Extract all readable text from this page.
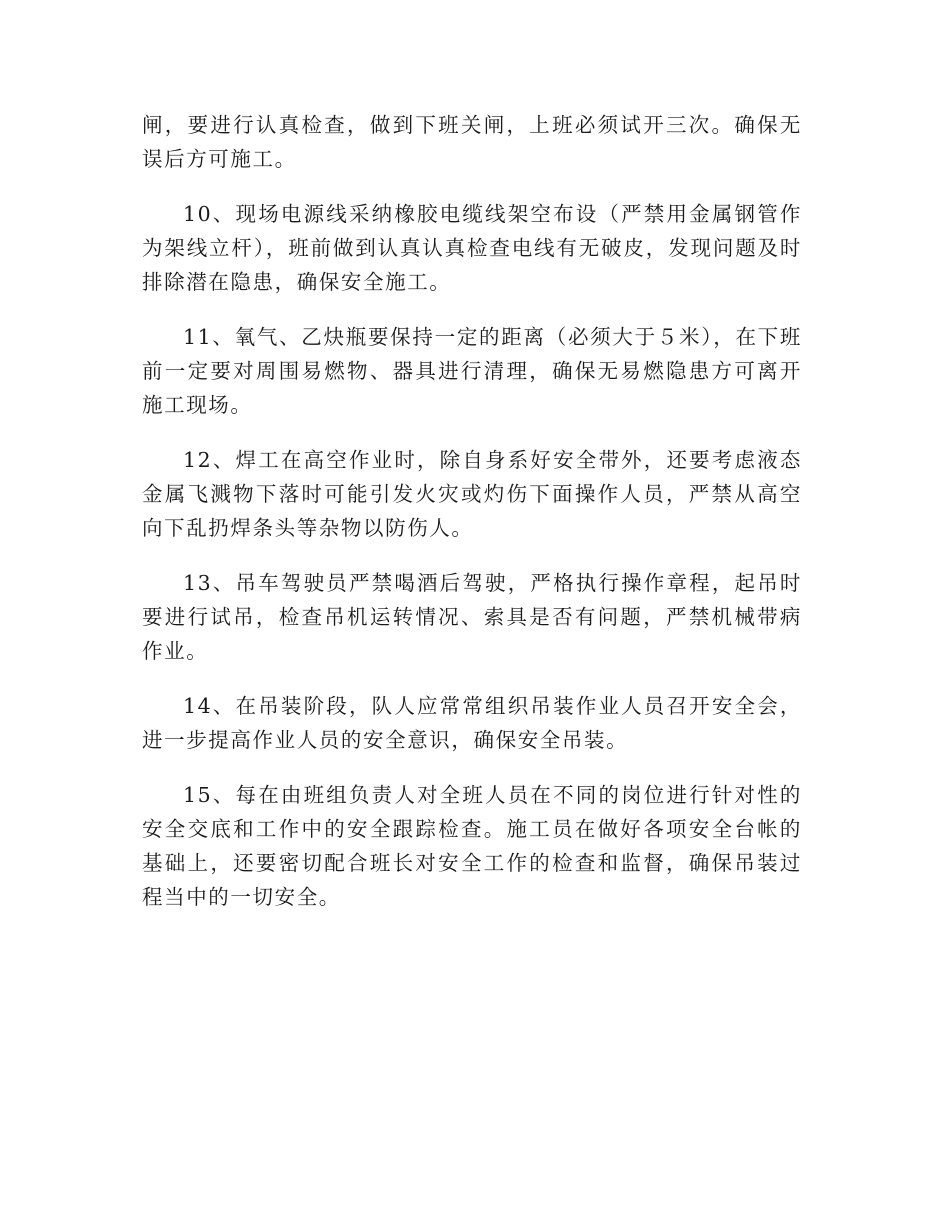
闸，要进行认真检查，做到下班关闸，上班必须试开三次。确保无误后方可施工。

10、现场电源线采纳橡胶电缆线架空布设（严禁用金属钢管作为架线立杆），班前做到认真认真检查电线有无破皮，发现问题及时排除潜在隐患，确保安全施工。

11、氧气、乙炔瓶要保持一定的距离（必须大于５米），在下班前一定要对周围易燃物、器具进行清理，确保无易燃隐患方可离开施工现场。

12、焊工在高空作业时，除自身系好安全带外，还要考虑液态金属飞溅物下落时可能引发火灾或灼伤下面操作人员，严禁从高空向下乱扔焊条头等杂物以防伤人。

13、吊车驾驶员严禁喝酒后驾驶，严格执行操作章程，起吊时要进行试吊，检查吊机运转情况、索具是否有问题，严禁机械带病作业。

14、在吊装阶段，队人应常常组织吊装作业人员召开安全会，进一步提高作业人员的安全意识，确保安全吊装。

15、每在由班组负责人对全班人员在不同的岗位进行针对性的安全交底和工作中的安全跟踪检查。施工员在做好各项安全台帐的基础上，还要密切配合班长对安全工作的检查和监督，确保吊装过程当中的一切安全。
